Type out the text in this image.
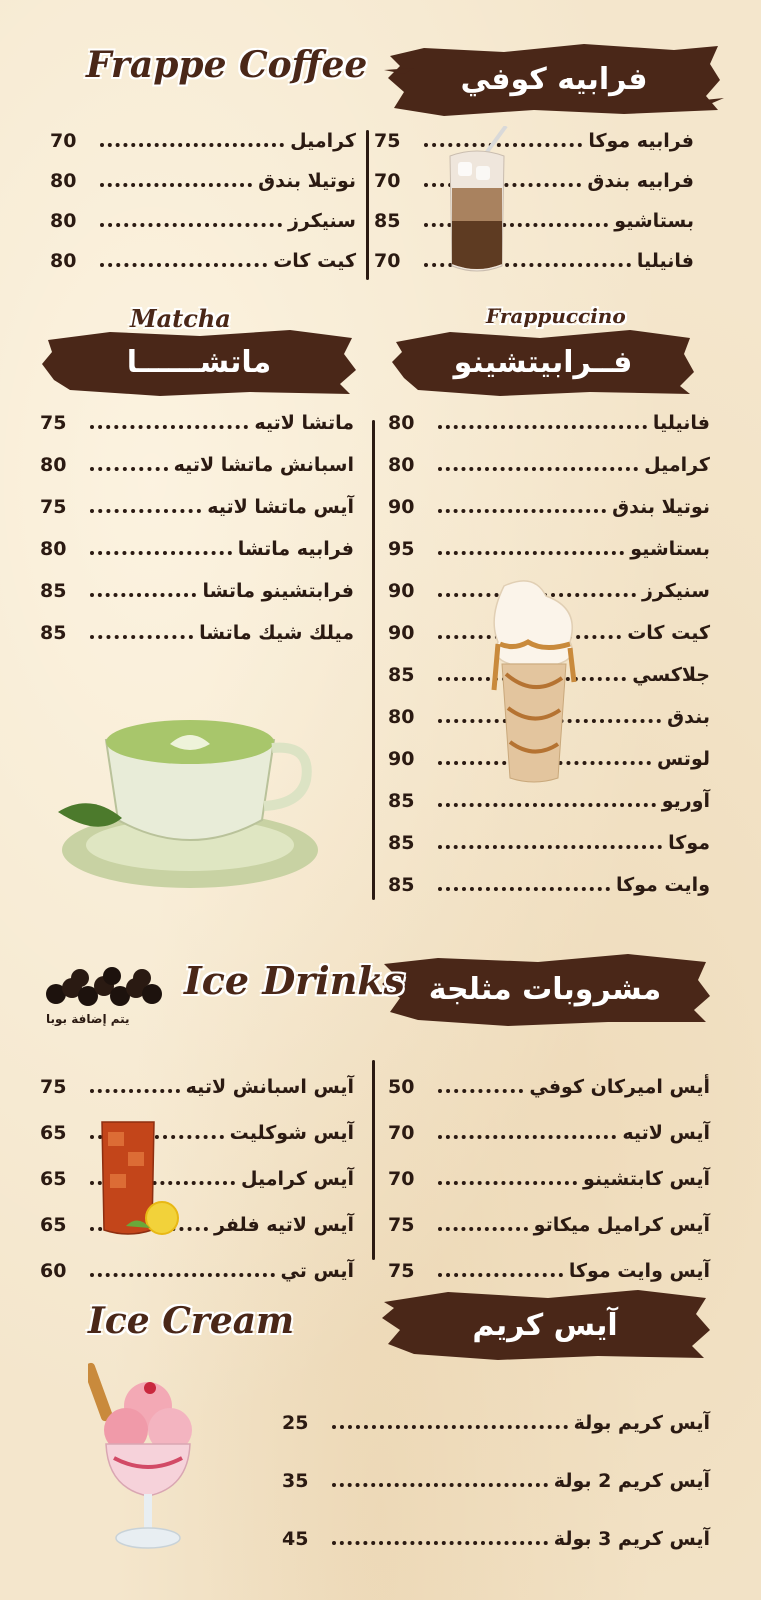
فرابيه كوفي
Frappe Coffee
75	فرابيه موكا
70	فرابيه بندق
85	بستاشيو
70	فانيليا
70	كراميل
80	نوتيلا بندق
80	سنيكرز
80	كيت كات
ماتشــــــا
Matcha
فــرابيتشينو
Frappuccino
75	ماتشا لاتيه
80	اسبانش ماتشا لاتيه
75	آيس ماتشا لاتيه
80	فرابيه ماتشا
85	فرابتشينو ماتشا
85	ميلك شيك ماتشا
80	فانيليا
80	كراميل
90	نوتيلا بندق
95	بستاشيو
90	سنيكرز
90	كيت كات
85	جلاكسي
80	بندق
90	لوتس
85	آوريو
85	موكا
85	وايت موكا
مشروبات مثلجة
Ice Drinks
يتم إضافة بوبا
50	أيس اميركان كوفي
70	آيس لاتيه
70	آيس كابتشينو
75	آيس كراميل ميكاتو
75	آيس وايت موكا
75	آيس اسبانش لاتيه
65	آيس شوكليت
65	آيس كراميل
65	آيس لاتيه فلفر
60	آيس تي
آيس كريم
Ice Cream
25	آيس كريم بولة
35	آيس كريم 2 بولة
45	آيس كريم 3 بولة
